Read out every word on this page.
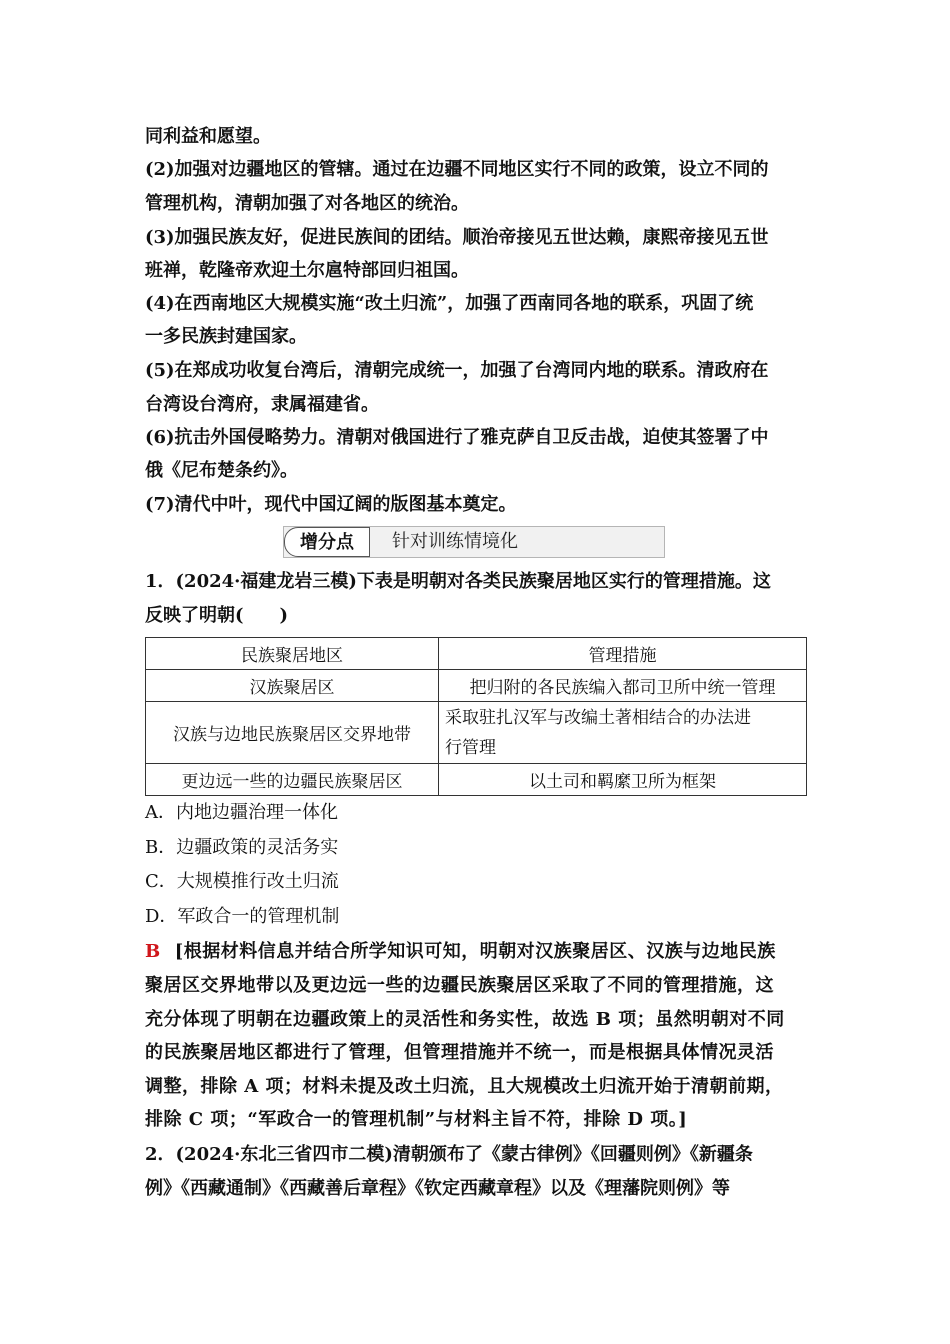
同利益和愿望。
(2)加强对边疆地区的管辖。通过在边疆不同地区实行不同的政策，设立不同的
管理机构，清朝加强了对各地区的统治。
(3)加强民族友好，促进民族间的团结。顺治帝接见五世达赖，康熙帝接见五世
班禅，乾隆帝欢迎土尔扈特部回归祖国。
(4)在西南地区大规模实施“改土归流”，加强了西南同各地的联系，巩固了统
一多民族封建国家。
(5)在郑成功收复台湾后，清朝完成统一，加强了台湾同内地的联系。清政府在
台湾设台湾府，隶属福建省。
(6)抗击外国侵略势力。清朝对俄国进行了雅克萨自卫反击战，迫使其签署了中
俄《尼布楚条约》。
(7)清代中叶，现代中国辽阔的版图基本奠定。
增分点	针对训练情境化
1．(2024·福建龙岩三模)下表是明朝对各类民族聚居地区实行的管理措施。这
反映了明朝(　　)
民族聚居地区	管理措施
汉族聚居区	把归附的各民族编入都司卫所中统一管理
汉族与边地民族聚居区交界地带	采取驻扎汉军与改编土著相结合的办法进
行管理

更边远一些的边疆民族聚居区	以土司和羁縻卫所为框架
A．内地边疆治理一体化
B．边疆政策的灵活务实
C．大规模推行改土归流
D．军政合一的管理机制
B [根据材料信息并结合所学知识可知，明朝对汉族聚居区、汉族与边地民族
聚居区交界地带以及更边远一些的边疆民族聚居区采取了不同的管理措施，这
充分体现了明朝在边疆政策上的灵活性和务实性，故选 B 项；虽然明朝对不同
的民族聚居地区都进行了管理，但管理措施并不统一，而是根据具体情况灵活
调整，排除 A 项；材料未提及改土归流，且大规模改土归流开始于清朝前期，
排除 C 项；“军政合一的管理机制”与材料主旨不符，排除 D 项。]
2．(2024·东北三省四市二模)清朝颁布了《蒙古律例》《回疆则例》《新疆条
例》《西藏通制》《西藏善后章程》《钦定西藏章程》以及《理藩院则例》等
